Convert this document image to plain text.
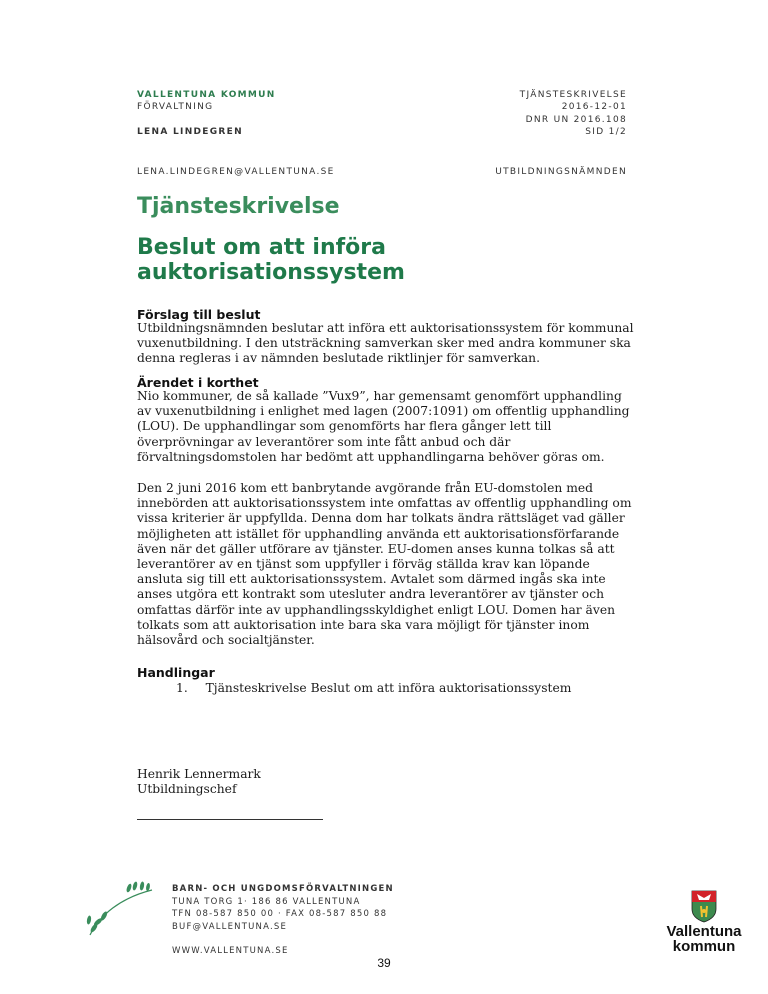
VALLENTUNA KOMMUN
FÖRVALTNING
LENA LINDEGREN
LENA.LINDEGREN@VALLENTUNA.SE
TJÄNSTESKRIVELSE
2016-12-01
DNR UN 2016.108
SID 1/2
UTBILDNINGSNÄMNDEN
Tjänsteskrivelse
Beslut om att införa auktorisationssystem
Förslag till beslut
Utbildningsnämnden beslutar att införa ett auktorisationssystem för kommunal vuxenutbildning. I den utsträckning samverkan sker med andra kommuner ska denna regleras i av nämnden beslutade riktlinjer för samverkan.
Ärendet i korthet
Nio kommuner, de så kallade ”Vux9”, har gemensamt genomfört upphandling av vuxenutbildning i enlighet med lagen (2007:1091) om offentlig upphandling (LOU). De upphandlingar som genomförts har flera gånger lett till överprövningar av leverantörer som inte fått anbud och där förvaltningsdomstolen har bedömt att upphandlingarna behöver göras om.
Den 2 juni 2016 kom ett banbrytande avgörande från EU-domstolen med innebörden att auktorisationssystem inte omfattas av offentlig upphandling om vissa kriterier är uppfyllda. Denna dom har tolkats ändra rättsläget vad gäller möjligheten att istället för upphandling använda ett auktorisationsförfarande även när det gäller utförare av tjänster. EU-domen anses kunna tolkas så att leverantörer av en tjänst som uppfyller i förväg ställda krav kan löpande ansluta sig till ett auktorisationssystem. Avtalet som därmed ingås ska inte anses utgöra ett kontrakt som utesluter andra leverantörer av tjänster och omfattas därför inte av upphandlingsskyldighet enligt LOU. Domen har även tolkats som att auktorisation inte bara ska vara möjligt för tjänster inom hälsovård och socialtjänster.
Handlingar
1. Tjänsteskrivelse Beslut om att införa auktorisationssystem
Henrik Lennermark
Utbildningschef
BARN- OCH UNGDOMSFÖRVALTNINGEN
TUNA TORG 1· 186 86 VALLENTUNA
TFN 08-587 850 00 · FAX 08-587 850 88
BUF@VALLENTUNA.SE
WWW.VALLENTUNA.SE
39
Vallentuna
kommun
